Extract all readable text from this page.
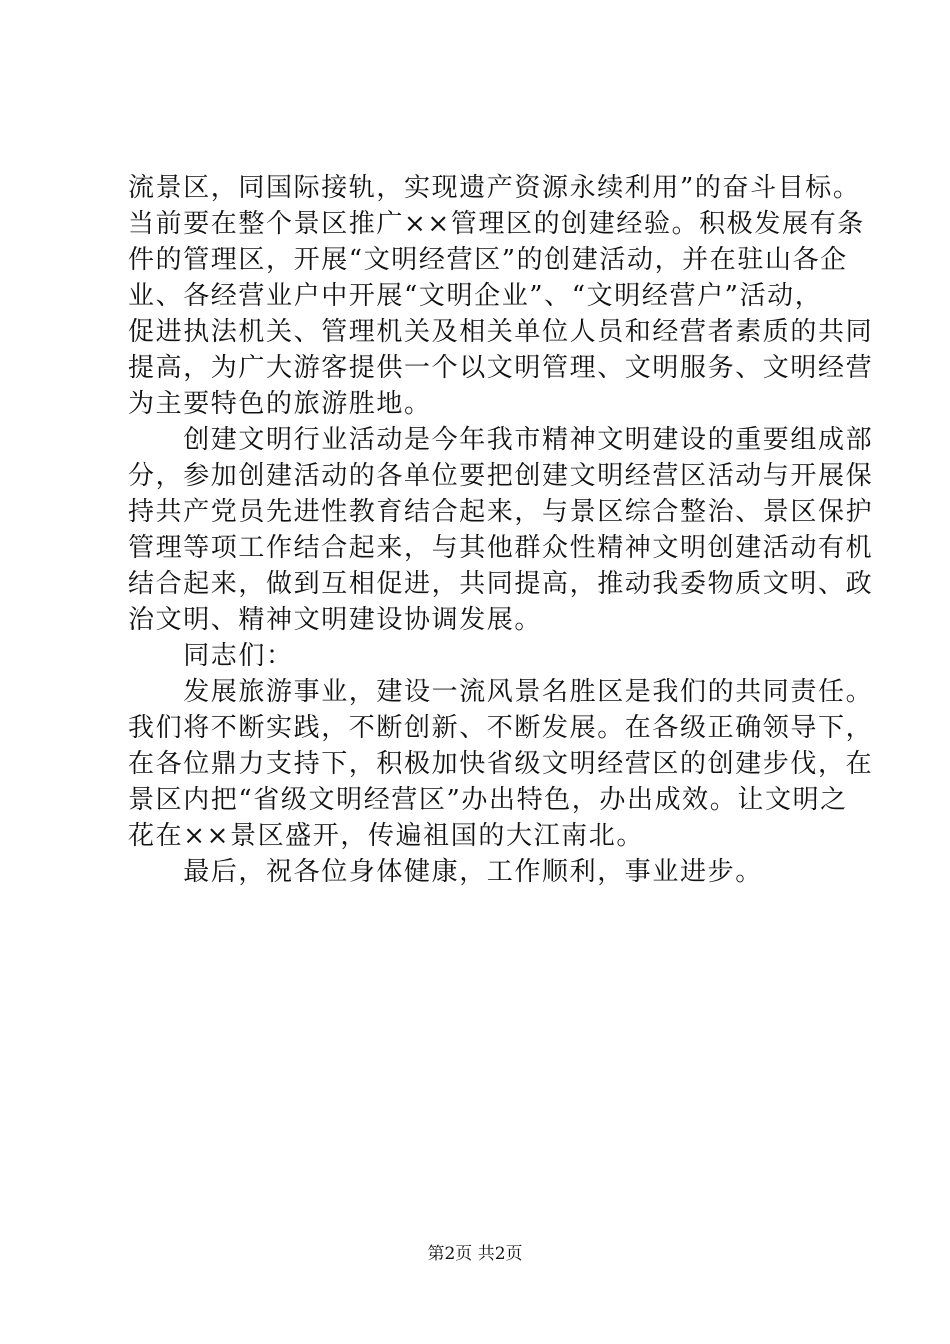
流景区，同国际接轨，实现遗产资源永续利用”的奋斗目标。
当前要在整个景区推广××管理区的创建经验。积极发展有条
件的管理区，开展“文明经营区”的创建活动，并在驻山各企
业、各经营业户中开展“文明企业”、“文明经营户”活动，
促进执法机关、管理机关及相关单位人员和经营者素质的共同
提高，为广大游客提供一个以文明管理、文明服务、文明经营
为主要特色的旅游胜地。
　　创建文明行业活动是今年我市精神文明建设的重要组成部
分，参加创建活动的各单位要把创建文明经营区活动与开展保
持共产党员先进性教育结合起来，与景区综合整治、景区保护
管理等项工作结合起来，与其他群众性精神文明创建活动有机
结合起来，做到互相促进，共同提高，推动我委物质文明、政
治文明、精神文明建设协调发展。
　　同志们：
　　发展旅游事业，建设一流风景名胜区是我们的共同责任。
我们将不断实践，不断创新、不断发展。在各级正确领导下，
在各位鼎力支持下，积极加快省级文明经营区的创建步伐，在
景区内把“省级文明经营区”办出特色，办出成效。让文明之
花在××景区盛开，传遍祖国的大江南北。
　　最后，祝各位身体健康，工作顺利，事业进步。
第2页 共2页
